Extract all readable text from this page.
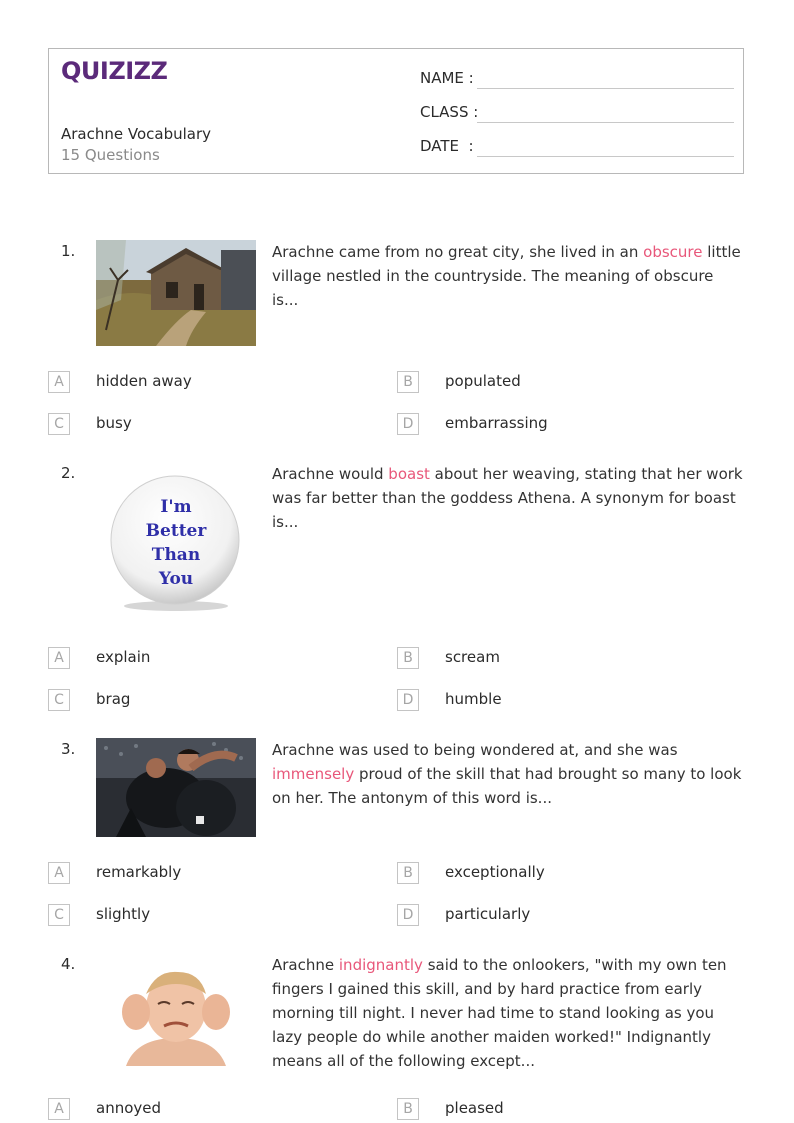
QUIZIZZ
Arachne Vocabulary
15 Questions
NAME :
CLASS :
DATE  :
1.	Arachne came from no great city, she lived in an obscure little village nestled in the countryside. The meaning of obscure is...
A	hidden away	B	populated
C	busy	D	embarrassing
2.
I'm
Better
Than
You
Arachne would boast about her weaving, stating that her work was far better than the goddess Athena. A synonym for boast is...
A	explain	B	scream
C	brag	D	humble
3.	Arachne was used to being wondered at, and she was immensely proud of the skill that had brought so many to look on her. The antonym of this word is...
A	remarkably	B	exceptionally
C	slightly	D	particularly
4.	Arachne indignantly said to the onlookers, "with my own ten fingers I gained this skill, and by hard practice from early morning till night. I never had time to stand looking as you lazy people do while another maiden worked!" Indignantly means all of the following except...
A	annoyed	B	pleased
